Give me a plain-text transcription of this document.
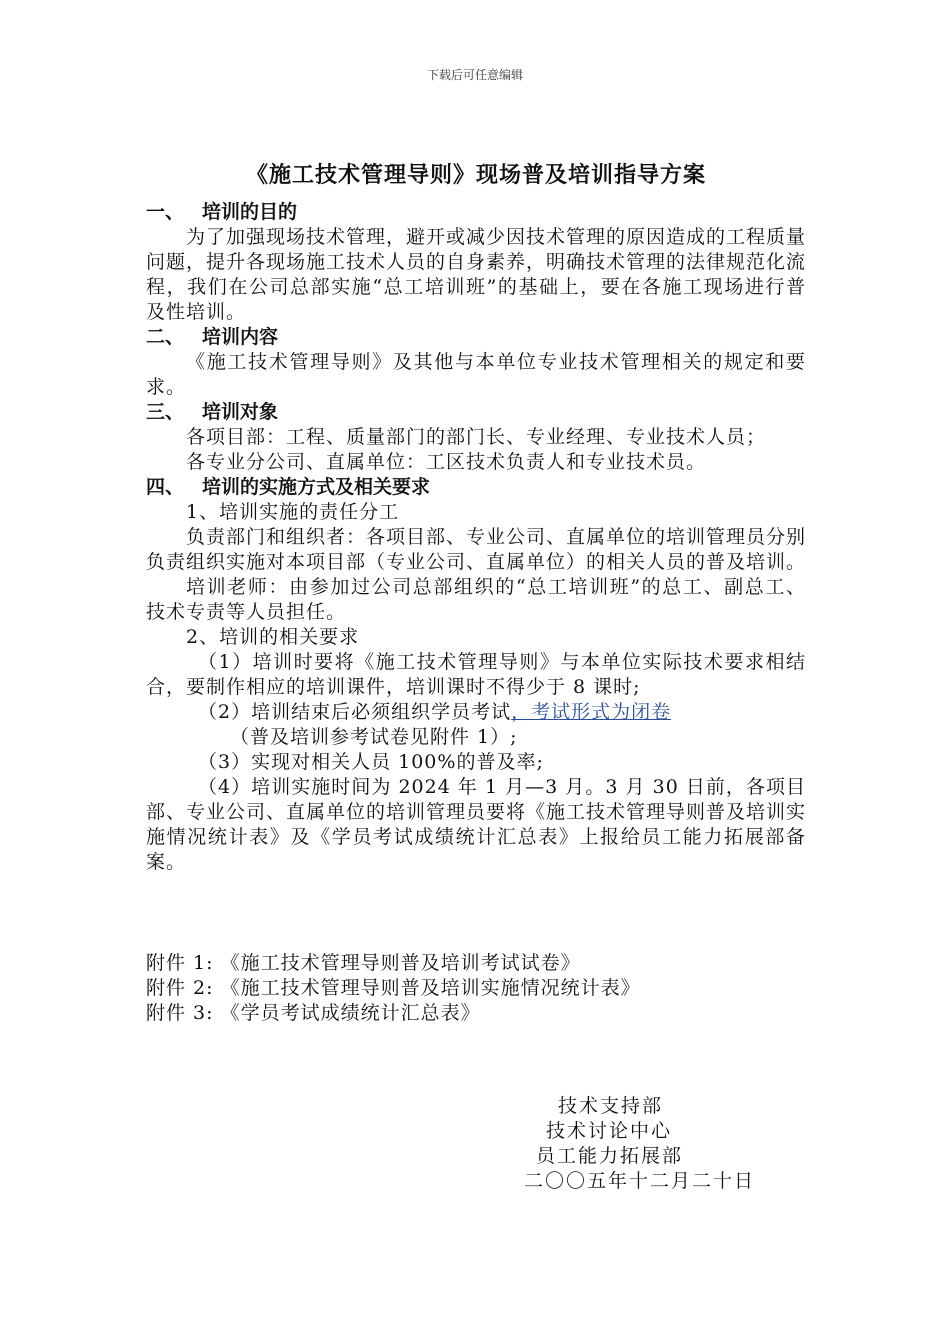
下载后可任意编辑
《施工技术管理导则》现场普及培训指导方案
一、 培训的目的

为了加强现场技术管理，避开或减少因技术管理的原因造成的工程质量问题，提升各现场施工技术人员的自身素养，明确技术管理的法律规范化流程，我们在公司总部实施“总工培训班”的基础上，要在各施工现场进行普及性培训。

二、 培训内容

《施工技术管理导则》及其他与本单位专业技术管理相关的规定和要求。

三、 培训对象

各项目部：工程、质量部门的部门长、专业经理、专业技术人员；

各专业分公司、直属单位：工区技术负责人和专业技术员。

四、 培训的实施方式及相关要求

1、培训实施的责任分工

负责部门和组织者：各项目部、专业公司、直属单位的培训管理员分别负责组织实施对本项目部（专业公司、直属单位）的相关人员的普及培训。

培训老师：由参加过公司总部组织的“总工培训班”的总工、副总工、技术专责等人员担任。

2、培训的相关要求

（1）培训时要将《施工技术管理导则》与本单位实际技术要求相结合，要制作相应的培训课件，培训课时不得少于 8 课时;

（2）培训结束后必须组织学员考试，考试形式为闭卷

（普及培训参考试卷见附件 1）;

（3）实现对相关人员 100%的普及率;

（4）培训实施时间为 2024 年 1 月—3 月。3 月 30 日前，各项目部、专业公司、直属单位的培训管理员要将《施工技术管理导则普及培训实施情况统计表》及《学员考试成绩统计汇总表》上报给员工能力拓展部备案。

附件 1: 《施工技术管理导则普及培训考试试卷》

附件 2: 《施工技术管理导则普及培训实施情况统计表》

附件 3: 《学员考试成绩统计汇总表》

技术支持部
技术讨论中心
员工能力拓展部
二〇〇五年十二月二十日
